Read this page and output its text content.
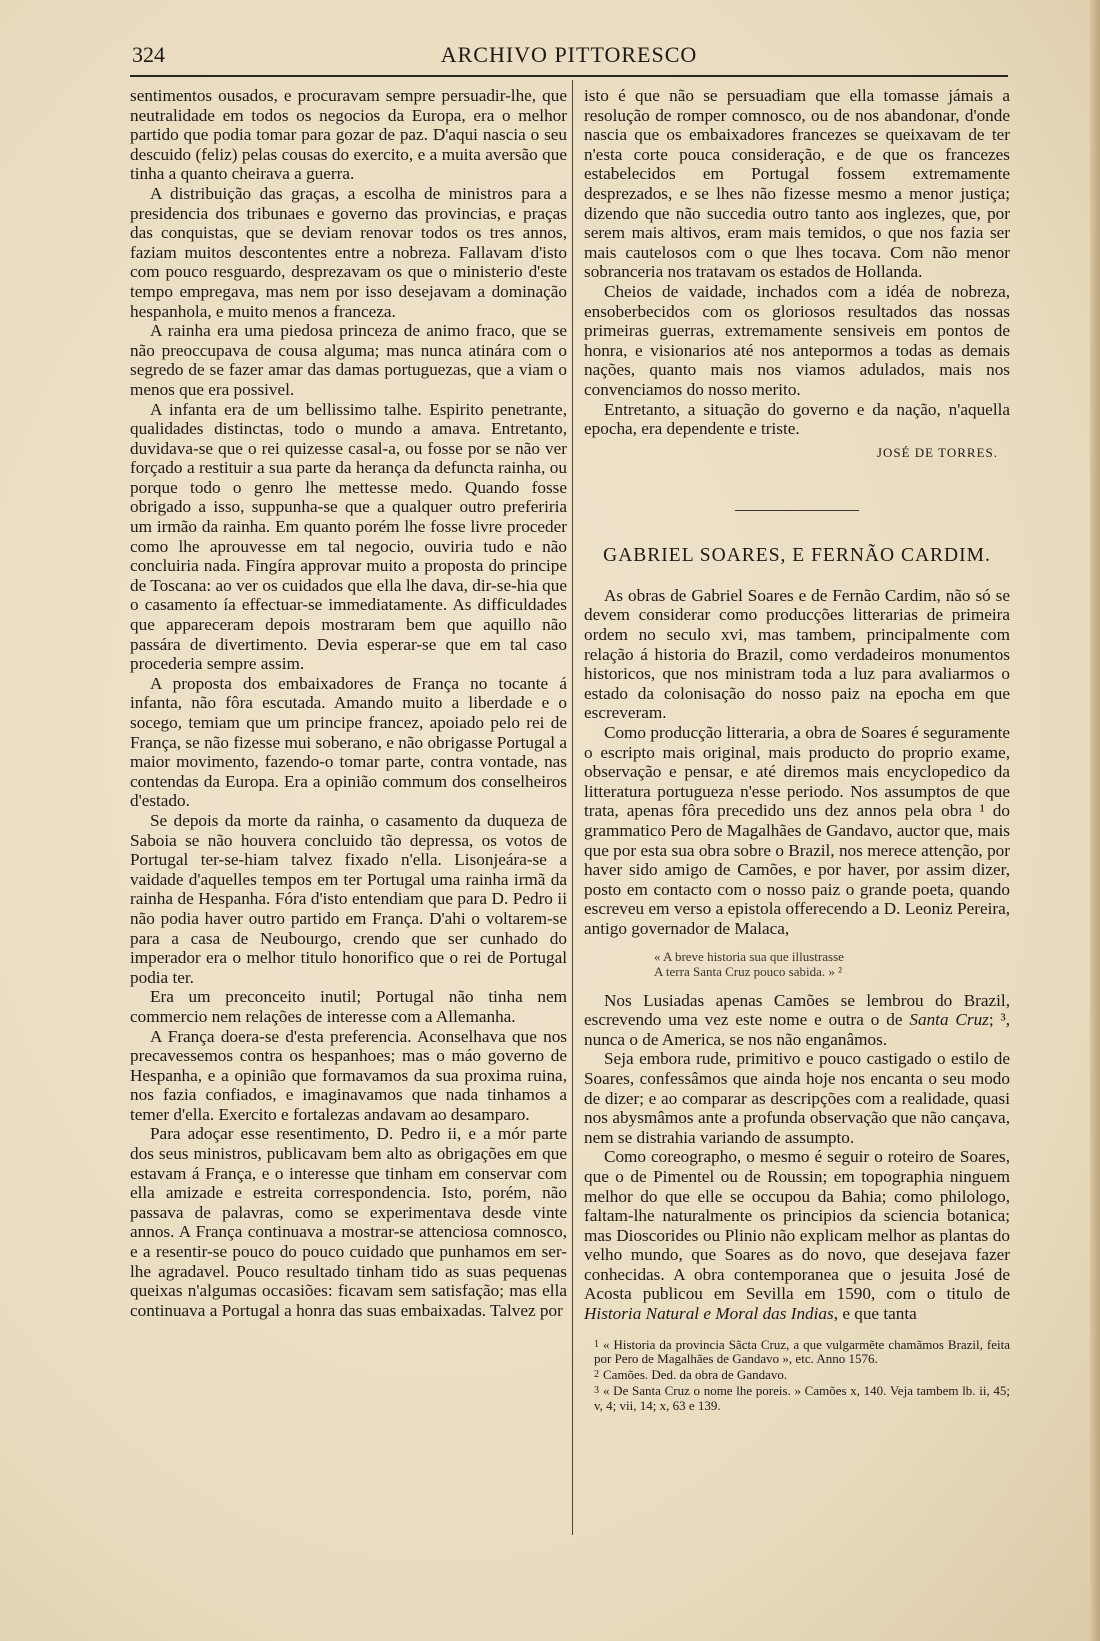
324	ARCHIVO PITTORESCO

sentimentos ousados, e procuravam sempre persuadir-lhe, que neutralidade em todos os negocios da Europa, era o melhor partido que podia tomar para gozar de paz. D'aqui nascia o seu descuido (feliz) pelas cousas do exercito, e a muita aversão que tinha a quanto cheirava a guerra.

A distribuição das graças, a escolha de ministros para a presidencia dos tribunaes e governo das provincias, e praças das conquistas, que se deviam renovar todos os tres annos, faziam muitos descontentes entre a nobreza. Fallavam d'isto com pouco resguardo, desprezavam os que o ministerio d'este tempo empregava, mas nem por isso desejavam a dominação hespanhola, e muito menos a franceza.

A rainha era uma piedosa princeza de animo fraco, que se não preoccupava de cousa alguma; mas nunca atinára com o segredo de se fazer amar das damas portuguezas, que a viam o menos que era possivel.

A infanta era de um bellissimo talhe. Espirito penetrante, qualidades distinctas, todo o mundo a amava. Entretanto, duvidava-se que o rei quizesse casal-a, ou fosse por se não ver forçado a restituir a sua parte da herança da defuncta rainha, ou porque todo o genro lhe mettesse medo. Quando fosse obrigado a isso, suppunha-se que a qualquer outro preferiria um irmão da rainha. Em quanto porém lhe fosse livre proceder como lhe aprouvesse em tal negocio, ouviria tudo e não concluiria nada. Fingíra approvar muito a proposta do principe de Toscana: ao ver os cuidados que ella lhe dava, dir-se-hia que o casamento ía effectuar-se immediatamente. As difficuldades que appareceram depois mostraram bem que aquillo não passára de divertimento. Devia esperar-se que em tal caso procederia sempre assim.

A proposta dos embaixadores de França no tocante á infanta, não fôra escutada. Amando muito a liberdade e o socego, temiam que um principe francez, apoiado pelo rei de França, se não fizesse mui soberano, e não obrigasse Portugal a maior movimento, fazendo-o tomar parte, contra vontade, nas contendas da Europa. Era a opinião commum dos conselheiros d'estado.

Se depois da morte da rainha, o casamento da duqueza de Saboia se não houvera concluido tão depressa, os votos de Portugal ter-se-hiam talvez fixado n'ella. Lisonjeára-se a vaidade d'aquelles tempos em ter Portugal uma rainha irmã da rainha de Hespanha. Fóra d'isto entendiam que para D. Pedro ii não podia haver outro partido em França. D'ahi o voltarem-se para a casa de Neubourgo, crendo que ser cunhado do imperador era o melhor titulo honorifico que o rei de Portugal podia ter.

Era um preconceito inutil; Portugal não tinha nem commercio nem relações de interesse com a Allemanha.

A França doera-se d'esta preferencia. Aconselhava que nos precavessemos contra os hespanhoes; mas o máo governo de Hespanha, e a opinião que formavamos da sua proxima ruina, nos fazia confiados, e imaginavamos que nada tinhamos a temer d'ella. Exercito e fortalezas andavam ao desamparo.

Para adoçar esse resentimento, D. Pedro ii, e a mór parte dos seus ministros, publicavam bem alto as obrigações em que estavam á França, e o interesse que tinham em conservar com ella amizade e estreita correspondencia. Isto, porém, não passava de palavras, como se experimentava desde vinte annos. A França continuava a mostrar-se attenciosa comnosco, e a resentir-se pouco do pouco cuidado que punhamos em ser-lhe agradavel. Pouco resultado tinham tido as suas pequenas queixas n'algumas occasiões: ficavam sem satisfação; mas ella continuava a Portugal a honra das suas embaixadas. Talvez por

isto é que não se persuadiam que ella tomasse jámais a resolução de romper comnosco, ou de nos abandonar, d'onde nascia que os embaixadores francezes se queixavam de ter n'esta corte pouca consideração, e de que os francezes estabelecidos em Portugal fossem extremamente desprezados, e se lhes não fizesse mesmo a menor justiça; dizendo que não succedia outro tanto aos inglezes, que, por serem mais altivos, eram mais temidos, o que nos fazia ser mais cautelosos com o que lhes tocava. Com não menor sobranceria nos tratavam os estados de Hollanda.

Cheios de vaidade, inchados com a idéa de nobreza, ensoberbecidos com os gloriosos resultados das nossas primeiras guerras, extremamente sensiveis em pontos de honra, e visionarios até nos antepormos a todas as demais nações, quanto mais nos viamos adulados, mais nos convenciamos do nosso merito.

Entretanto, a situação do governo e da nação, n'aquella epocha, era dependente e triste.

JOSÉ DE TORRES.
GABRIEL SOARES, E FERNÃO CARDIM.

As obras de Gabriel Soares e de Fernão Cardim, não só se devem considerar como producções litterarias de primeira ordem no seculo xvi, mas tambem, principalmente com relação á historia do Brazil, como verdadeiros monumentos historicos, que nos ministram toda a luz para avaliarmos o estado da colonisação do nosso paiz na epocha em que escreveram.

Como producção litteraria, a obra de Soares é seguramente o escripto mais original, mais producto do proprio exame, observação e pensar, e até diremos mais encyclopedico da litteratura portugueza n'esse periodo. Nos assumptos de que trata, apenas fôra precedido uns dez annos pela obra ¹ do grammatico Pero de Magalhães de Gandavo, auctor que, mais que por esta sua obra sobre o Brazil, nos merece attenção, por haver sido amigo de Camões, e por haver, por assim dizer, posto em contacto com o nosso paiz o grande poeta, quando escreveu em verso a epistola offerecendo a D. Leoniz Pereira, antigo governador de Malaca,

« A breve historia sua que illustrasse
A terra Santa Cruz pouco sabida. » ²

Nos Lusiadas apenas Camões se lembrou do Brazil, escrevendo uma vez este nome e outra o de Santa Cruz; ³, nunca o de America, se nos não enganâmos.

Seja embora rude, primitivo e pouco castigado o estilo de Soares, confessâmos que ainda hoje nos encanta o seu modo de dizer; e ao comparar as descripções com a realidade, quasi nos abysmâmos ante a profunda observação que não cançava, nem se distrahia variando de assumpto.

Como coreographo, o mesmo é seguir o roteiro de Soares, que o de Pimentel ou de Roussin; em topographia ninguem melhor do que elle se occupou da Bahia; como philologo, faltam-lhe naturalmente os principios da sciencia botanica; mas Dioscorides ou Plinio não explicam melhor as plantas do velho mundo, que Soares as do novo, que desejava fazer conhecidas. A obra contemporanea que o jesuita José de Acosta publicou em Sevilla em 1590, com o titulo de Historia Natural e Moral das Indias, e que tanta

$^1$ « Historia da provincia Sãcta Cruz, a que vulgarmẽte chamãmos Brazil, feita por Pero de Magalhães de Gandavo », etc. Anno 1576.

$^2$ Camões. Ded. da obra de Gandavo.

$^3$ « De Santa Cruz o nome lhe poreis. » Camões x, 140. Veja tambem lb. ii, 45; v, 4; vii, 14; x, 63 e 139.
